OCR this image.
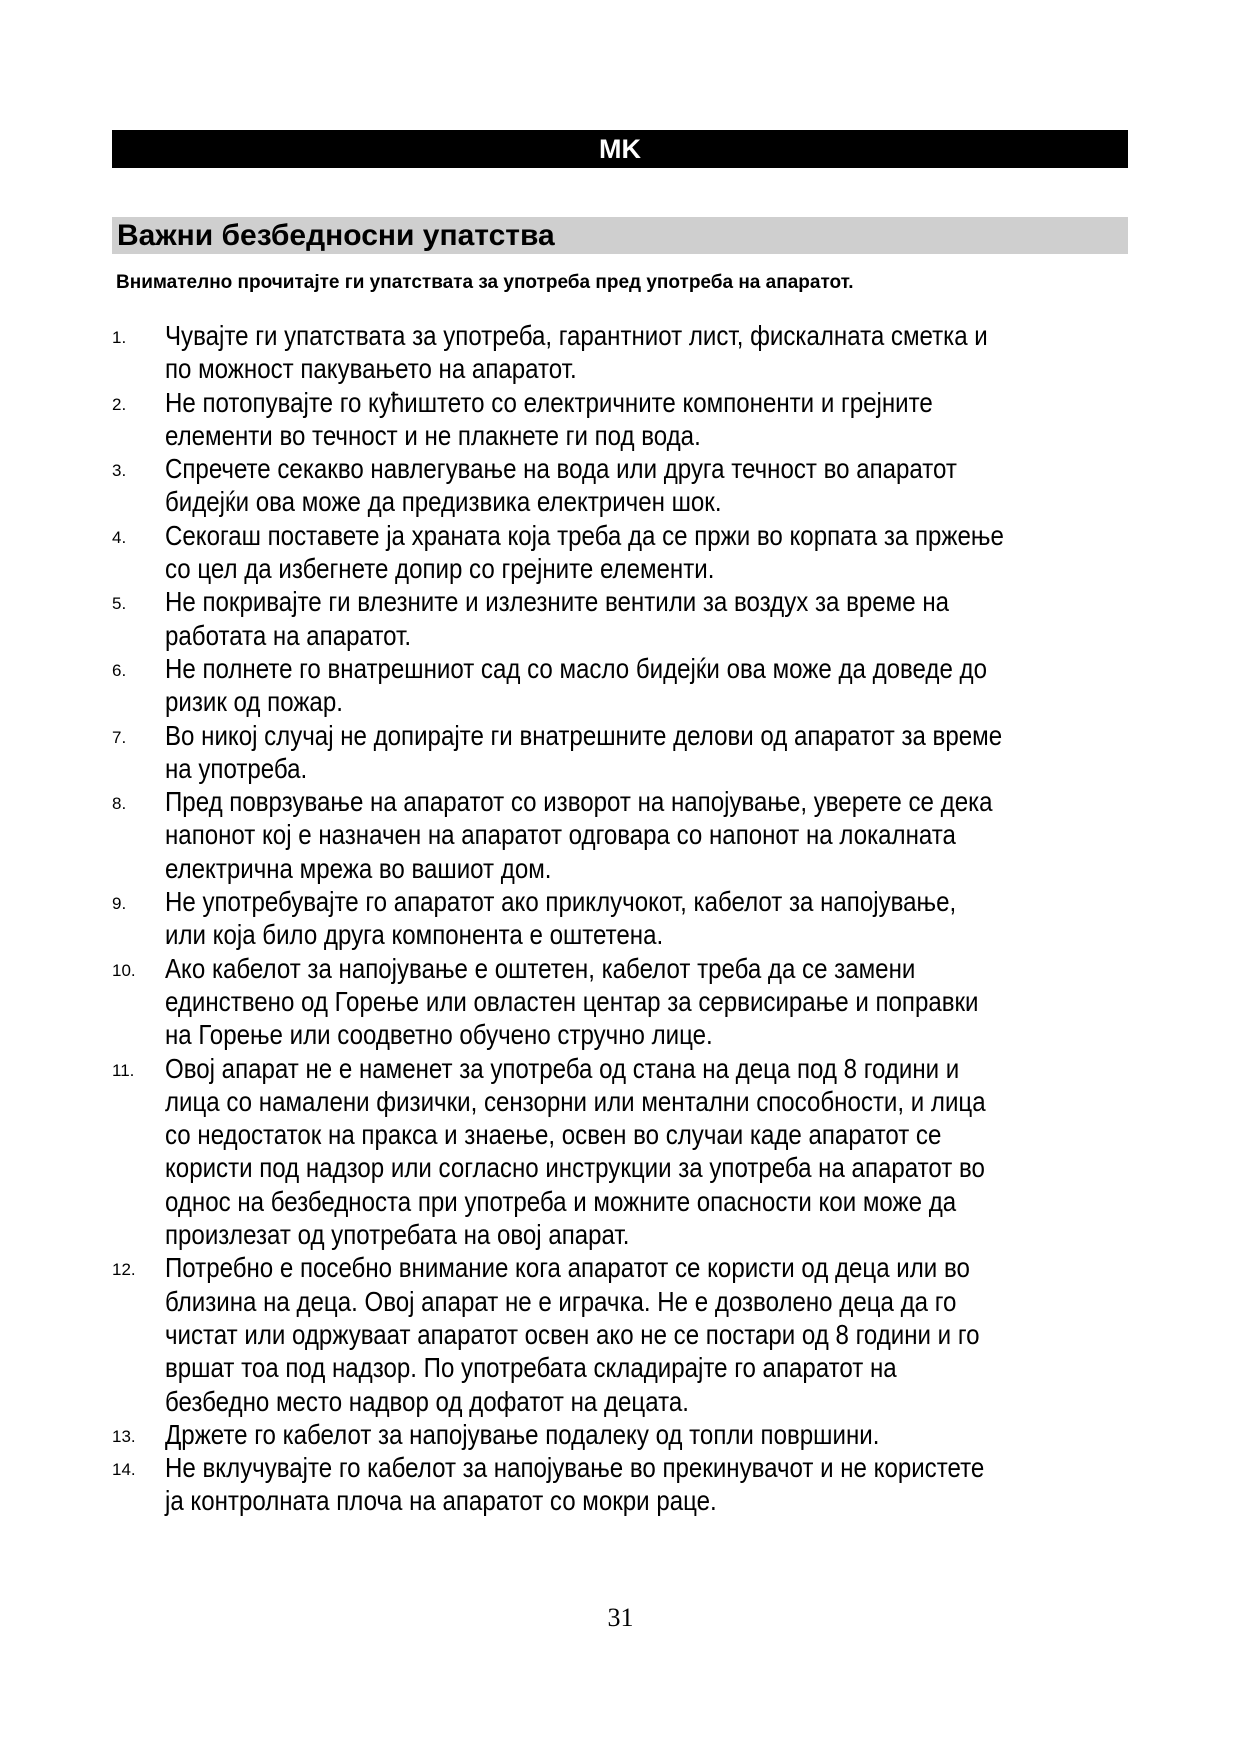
MK
Важни безбедносни упатства
Внимателно прочитајте ги упатствата за употреба пред употреба на апаратот.
1. Чувајте ги упатствата за употреба, гарантниот лист, фискалната сметка и
по можност пакувањето на апаратот.
2. Не потопувајте го кућиштето со електричните компоненти и грејните
елементи во течност и не плакнете ги под вода.
3. Спречете секакво навлегување на вода или друга течност во апаратот
бидејќи ова може да предизвика електричен шок.
4. Секогаш поставете ја храната која треба да се пржи во корпата за пржење
со цел да избегнете допир со грејните елементи.
5. Не покривајте ги влезните и излезните вентили за воздух за време на
работата на апаратот.
6. Не полнете го внатрешниот сад со масло бидејќи ова може да доведе до
ризик од пожар.
7. Во никој случај не допирајте ги внатрешните делови од апаратот за време
на употреба.
8. Пред поврзување на апаратот со изворот на напојување, уверете се дека
напонот кој е назначен на апаратот одговара со напонот на локалната
електрична мрежа во вашиот дом.
9. Не употребувајте го апаратот ако приклучокот, кабелот за напојување,
или која било друга компонента е оштетена.
10. Ако кабелот за напојување е оштетен, кабелот треба да се замени
единствено од Горење или овластен центар за сервисирање и поправки
на Горење или соодветно обучено стручно лице.
11. Овој апарат не е наменет за употреба од стана на деца под 8 години и
лица со намалени физички, сензорни или ментални способности, и лица
со недостаток на пракса и знаење, освен во случаи каде апаратот се
користи под надзор или согласно инструкции за употреба на апаратот во
однос на безбедноста при употреба и можните опасности кои може да
произлезат од употребата на овој апарат.
12. Потребно е посебно внимание кога апаратот се користи од деца или во
близина на деца. Овој апарат не е играчка. Не е дозволено деца да го
чистат или одржуваат апаратот освен ако не се постари од 8 години и го
вршат тоа под надзор. По употребата складирајте го апаратот на
безбедно место надвор од дофатот на децата.
13. Држете го кабелот за напојување подалеку од топли површини.
14. Не вклучувајте го кабелот за напојување во прекинувачот и не користете
ја контролната плоча на апаратот со мокри раце.
31
